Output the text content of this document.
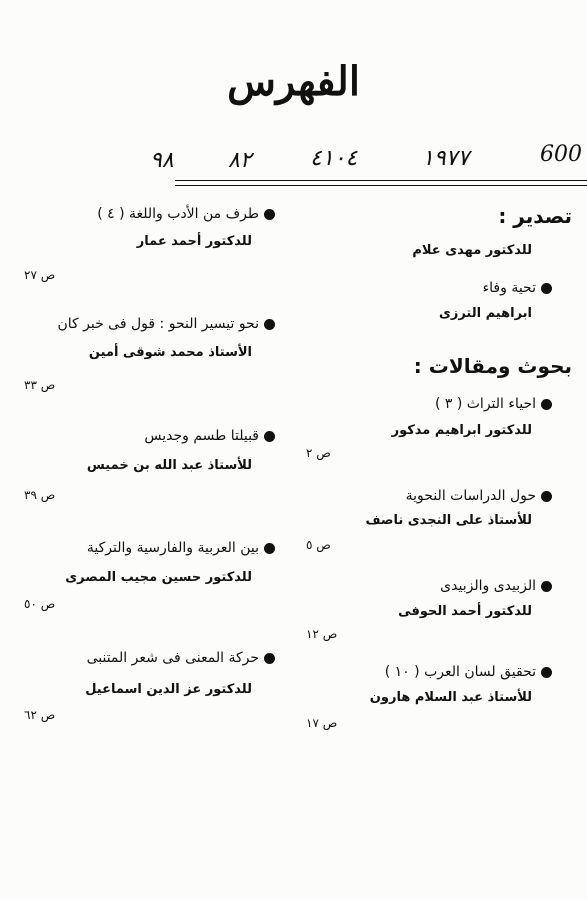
الفهرس
٩٨ ٨٢	٤١٠٤	١٩٧٧	600
تصدير :
للدكتور مهدى علام
تحية وفاء
ابراهيم الترزى
بحوث ومقالات :
احياء التراث ( ٣ )
للدكتور ابراهيم مدكور
ص ٢
حول الدراسات النحوية
للأستاذ على النجدى ناصف
ص ٥
الزبيدى والزبيدى
للدكتور أحمد الحوفى
ص ١٢
تحقيق لسان العرب ( ١٠ )
للأستاذ عبد السلام هارون
ص ١٧
طرف من الأدب واللغة ( ٤ )
للدكتور أحمد عمار
ص ٢٧
نحو تيسير النحو : قول فى خبر كان
الأستاذ محمد شوقى أمين
ص ٣٣
قبيلتا طسم وجديس
للأستاذ عبد الله بن خميس
ص ٣٩
بين العربية والفارسية والتركية
للدكتور حسين مجيب المصرى
ص ٥٠
حركة المعنى فى شعر المتنبى
للدكتور عز الدين اسماعيل
ص ٦٢
